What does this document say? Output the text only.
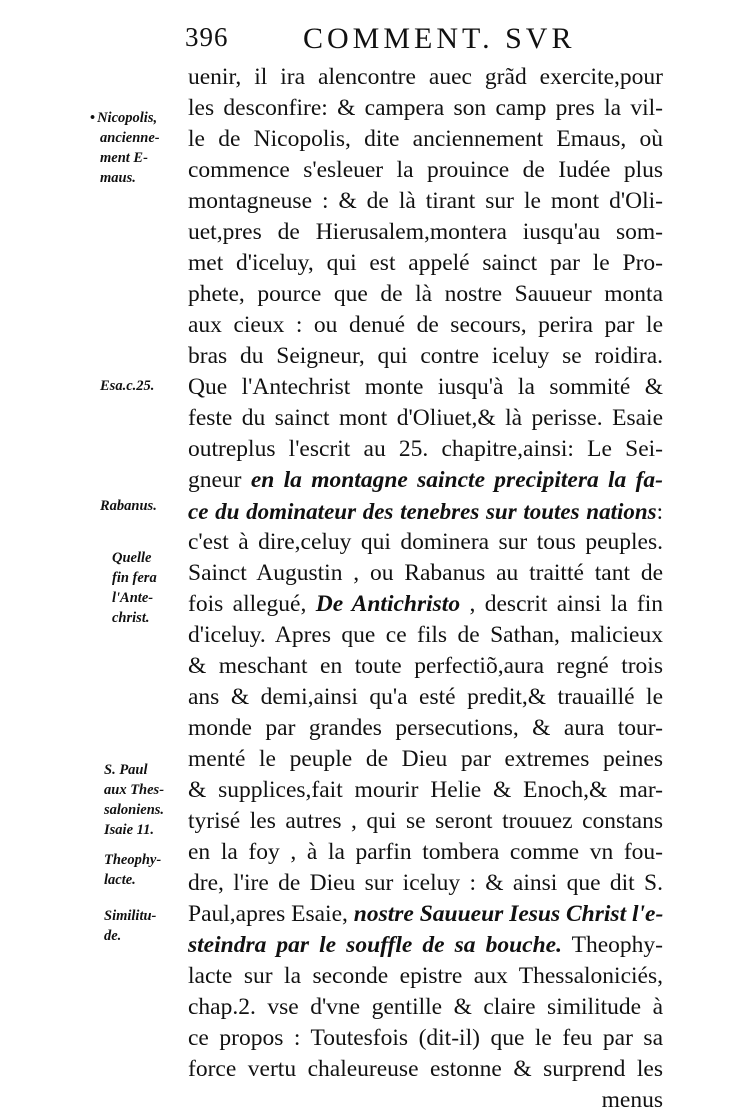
396 COMMENT. SVR
• Nicopolis,
ancienne-
ment E-
maus.
Esa.c.25.
Rabanus.
Quelle
fin fera
l'Ante-
christ.
S. Paul
aux Thes-
saloniens.
Isaie 11.
Theophy-
lacte.
Similitu-
de.
uenir, il ira alencontre auec grãd exercite,pour
les desconfire: & campera son camp pres la vil-
le de Nicopolis, dite anciennement Emaus, où
commence s'esleuer la prouince de Iudée plus
montagneuse : & de là tirant sur le mont d'Oli-
uet,pres de Hierusalem,montera iusqu'au som-
met d'iceluy, qui est appelé sainct par le Pro-
phete, pource que de là nostre Sauueur monta
aux cieux : ou denué de secours, perira par le
bras du Seigneur, qui contre iceluy se roidira.
Que l'Antechrist monte iusqu'à la sommité &
feste du sainct mont d'Oliuet,& là perisse. Esaie
outreplus l'escrit au 25. chapitre,ainsi: Le Sei-
gneur en la montagne saincte precipitera la fa-
ce du dominateur des tenebres sur toutes nations:
c'est à dire,celuy qui dominera sur tous peuples.
Sainct Augustin , ou Rabanus au traitté tant de
fois allegué, De Antichristo , descrit ainsi la fin
d'iceluy. Apres que ce fils de Sathan, malicieux
& meschant en toute perfectiõ,aura regné trois
ans & demi,ainsi qu'a esté predit,& trauaillé le
monde par grandes persecutions, & aura tour-
menté le peuple de Dieu par extremes peines
& supplices,fait mourir Helie & Enoch,& mar-
tyrisé les autres , qui se seront trouuez constans
en la foy , à la parfin tombera comme vn fou-
dre, l'ire de Dieu sur iceluy : & ainsi que dit S.
Paul,apres Esaie, nostre Sauueur Iesus Christ l'e-
steindra par le souffle de sa bouche. Theophy-
lacte sur la seconde epistre aux Thessaloniciés,
chap.2. vse d'vne gentille & claire similitude à
ce propos : Toutesfois (dit-il) que le feu par sa
force vertu chaleureuse estonne & surprend les
menus
